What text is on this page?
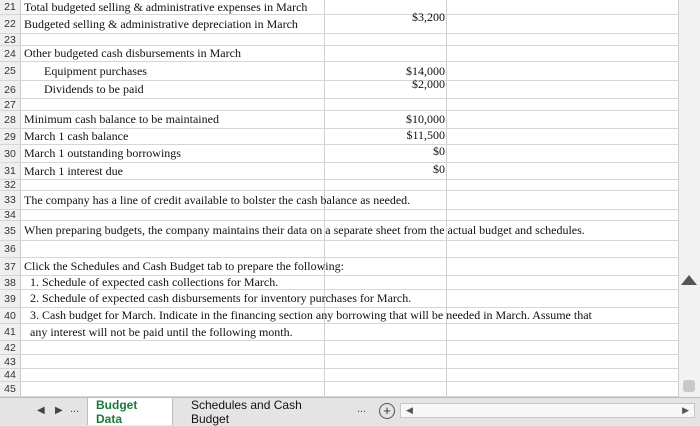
21 Total budgeted selling & administrative expenses in March
22 Budgeted selling & administrative depreciation in March	$3,200
23
24 Other budgeted cash disbursements in March
25	Equipment purchases	$14,000
26	Dividends to be paid	$2,000
27
28 Minimum cash balance to be maintained	$10,000
29 March 1 cash balance	$11,500
30 March 1 outstanding borrowings	$0
31 March 1 interest due	$0
32
33 The company has a line of credit available to bolster the cash balance as needed.
34
35 When preparing budgets, the company maintains their data on a separate sheet from the actual budget and schedules.
36
37 Click the Schedules and Cash Budget tab to prepare the following:
38	1. Schedule of expected cash collections for March.
39	2. Schedule of expected cash disbursements for inventory purchases for March.
40	3. Cash budget for March. Indicate in the financing section any borrowing that will be needed in March. Assume that
41	any interest will not be paid until the following month.
42
43
44
45
◀ ▶ ... Budget Data
Schedules and Cash Budget
...	+	◀	▶
